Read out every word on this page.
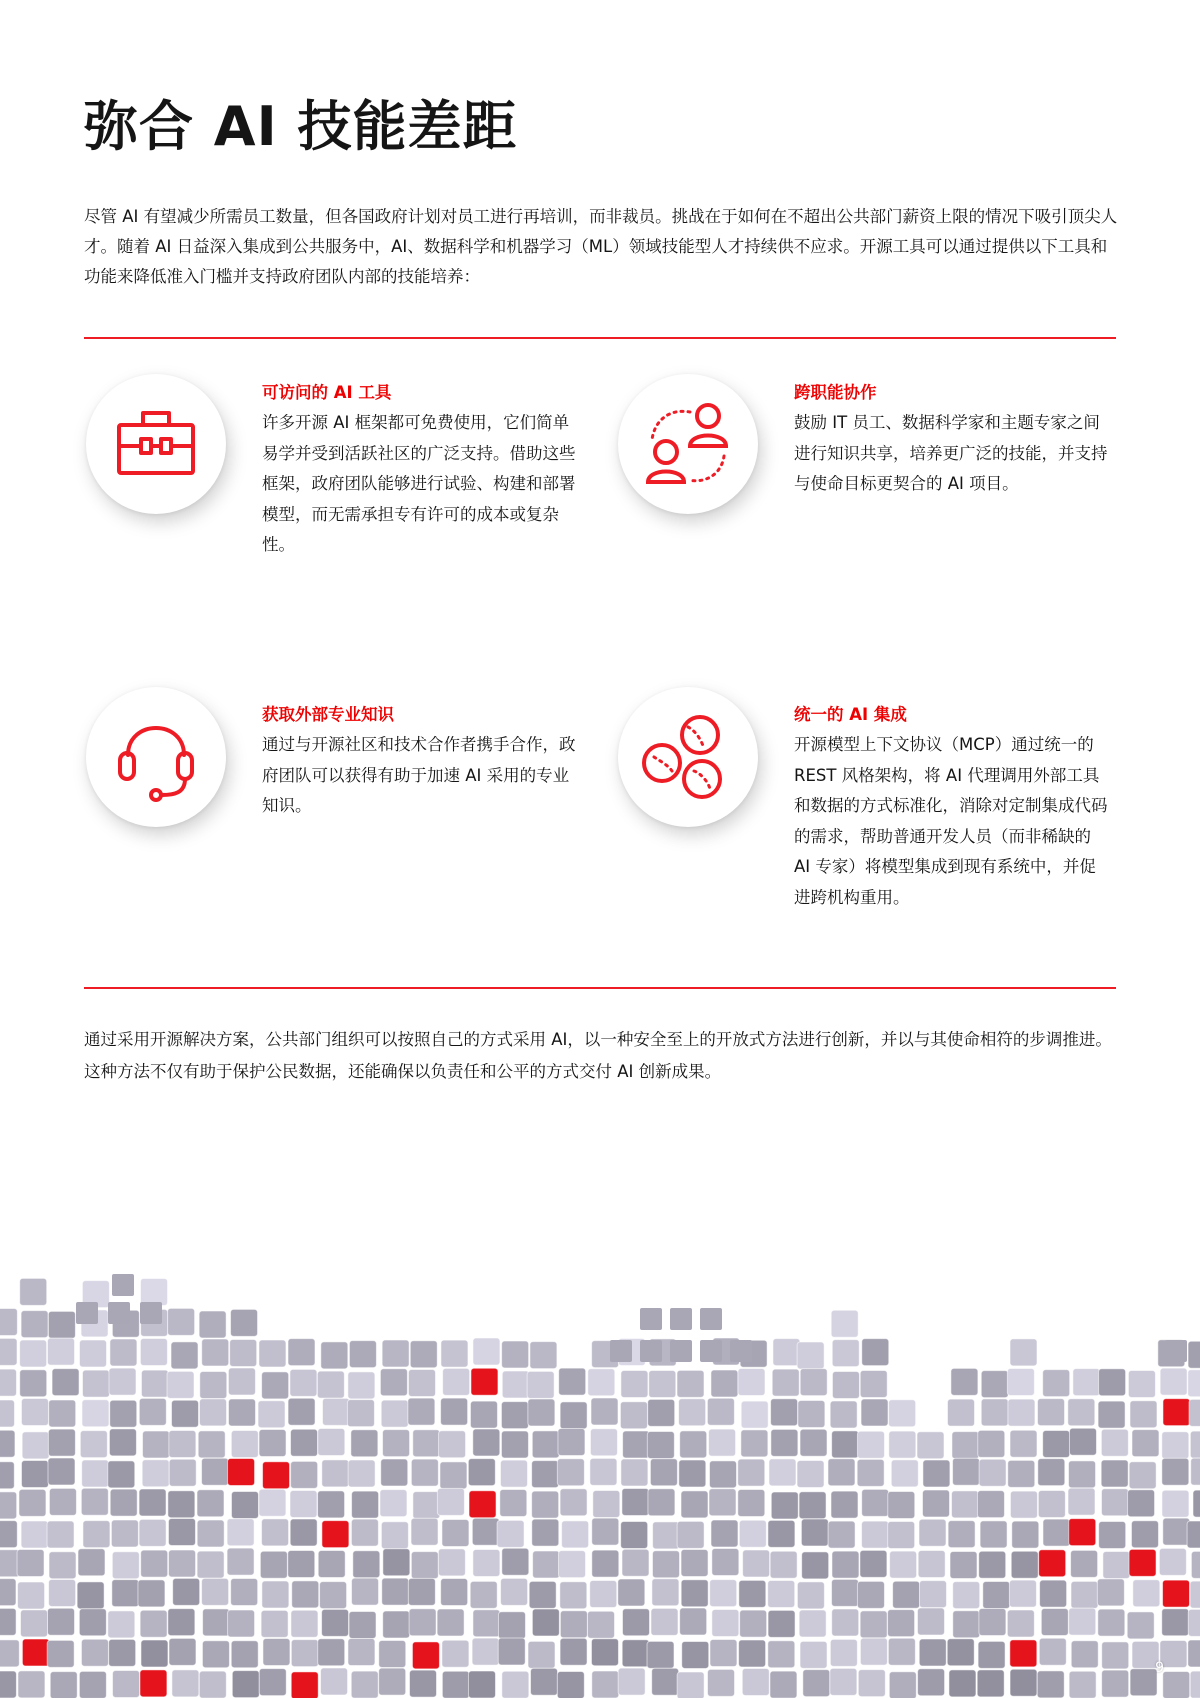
弥合 AI 技能差距

尽管 AI 有望减少所需员工数量，但各国政府计划对员工进行再培训，而非裁员。挑战在于如何在不超出公共部门薪资上限的情况下吸引顶尖人才。随着 AI 日益深入集成到公共服务中，AI、数据科学和机器学习（ML）领域技能型人才持续供不应求。开源工具可以通过提供以下工具和功能来降低准入门槛并支持政府团队内部的技能培养：

可访问的 AI 工具

许多开源 AI 框架都可免费使用，它们简单易学并受到活跃社区的广泛支持。借助这些框架，政府团队能够进行试验、构建和部署模型，而无需承担专有许可的成本或复杂性。

跨职能协作

鼓励 IT 员工、数据科学家和主题专家之间进行知识共享，培养更广泛的技能，并支持与使命目标更契合的 AI 项目。

获取外部专业知识

通过与开源社区和技术合作者携手合作，政府团队可以获得有助于加速 AI 采用的专业知识。

统一的 AI 集成

开源模型上下文协议（MCP）通过统一的 REST 风格架构，将 AI 代理调用外部工具和数据的方式标准化，消除对定制集成代码的需求，帮助普通开发人员（而非稀缺的 AI 专家）将模型集成到现有系统中，并促进跨机构重用。

通过采用开源解决方案，公共部门组织可以按照自己的方式采用 AI，以一种安全至上的开放式方法进行创新，并以与其使命相符的步调推进。这种方法不仅有助于保护公民数据，还能确保以负责任和公平的方式交付 AI 创新成果。

9
